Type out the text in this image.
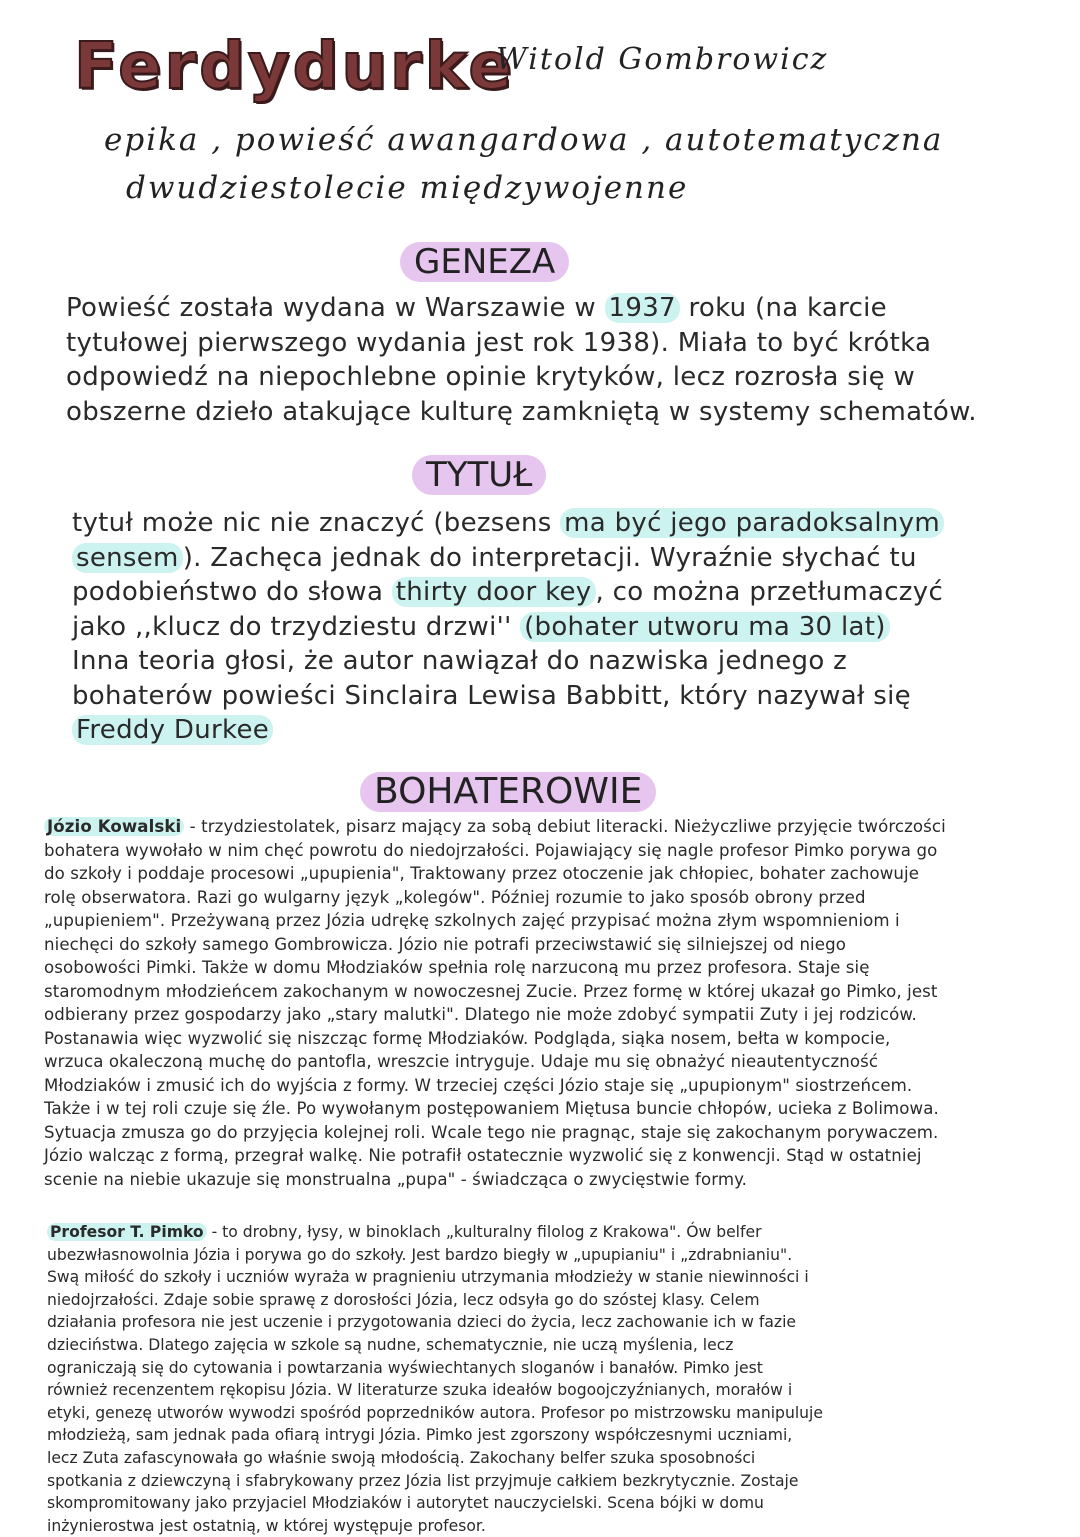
Ferdydurke
Witold Gombrowicz
epika , powieść awangardowa , autotematyczna
dwudziestolecie międzywojenne
GENEZA
Powieść została wydana w Warszawie w 1937 roku (na karcie
tytułowej pierwszego wydania jest rok 1938). Miała to być krótka
odpowiedź na niepochlebne opinie krytyków, lecz rozrosła się w
obszerne dzieło atakujące kulturę zamkniętą w systemy schematów.
TYTUŁ
tytuł może nic nie znaczyć (bezsens ma być jego paradoksalnym
sensem ). Zachęca jednak do interpretacji. Wyraźnie słychać tu
podobieństwo do słowa thirty door key , co można przetłumaczyć
jako ,,klucz do trzydziestu drzwi'' (bohater utworu ma 30 lat)
Inna teoria głosi, że autor nawiązał do nazwiska jednego z
bohaterów powieści Sinclaira Lewisa Babbitt, który nazywał się
Freddy Durkee
BOHATEROWIE
Józio Kowalski - trzydziestolatek, pisarz mający za sobą debiut literacki. Nieżyczliwe przyjęcie twórczości
bohatera wywołało w nim chęć powrotu do niedojrzałości. Pojawiający się nagle profesor Pimko porywa go
do szkoły i poddaje procesowi „upupienia", Traktowany przez otoczenie jak chłopiec, bohater zachowuje
rolę obserwatora. Razi go wulgarny język „kolegów". Później rozumie to jako sposób obrony przed
„upupieniem". Przeżywaną przez Józia udrękę szkolnych zajęć przypisać można złym wspomnieniom i
niechęci do szkoły samego Gombrowicza. Józio nie potrafi przeciwstawić się silniejszej od niego
osobowości Pimki. Także w domu Młodziaków spełnia rolę narzuconą mu przez profesora. Staje się
staromodnym młodzieńcem zakochanym w nowoczesnej Zucie. Przez formę w której ukazał go Pimko, jest
odbierany przez gospodarzy jako „stary malutki". Dlatego nie może zdobyć sympatii Zuty i jej rodziców.
Postanawia więc wyzwolić się niszcząc formę Młodziaków. Podgląda, siąka nosem, bełta w kompocie,
wrzuca okaleczoną muchę do pantofla, wreszcie intryguje. Udaje mu się obnażyć nieautentyczność
Młodziaków i zmusić ich do wyjścia z formy. W trzeciej części Józio staje się „upupionym" siostrzeńcem.
Także i w tej roli czuje się źle. Po wywołanym postępowaniem Miętusa buncie chłopów, ucieka z Bolimowa.
Sytuacja zmusza go do przyjęcia kolejnej roli. Wcale tego nie pragnąc, staje się zakochanym porywaczem.
Józio walcząc z formą, przegrał walkę. Nie potrafił ostatecznie wyzwolić się z konwencji. Stąd w ostatniej
scenie na niebie ukazuje się monstrualna „pupa" - świadcząca o zwycięstwie formy.
Profesor T. Pimko - to drobny, łysy, w binoklach „kulturalny filolog z Krakowa". Ów belfer
ubezwłasnowolnia Józia i porywa go do szkoły. Jest bardzo biegły w „upupianiu" i „zdrabnianiu".
Swą miłość do szkoły i uczniów wyraża w pragnieniu utrzymania młodzieży w stanie niewinności i
niedojrzałości. Zdaje sobie sprawę z dorosłości Józia, lecz odsyła go do szóstej klasy. Celem
działania profesora nie jest uczenie i przygotowania dzieci do życia, lecz zachowanie ich w fazie
dzieciństwa. Dlatego zajęcia w szkole są nudne, schematycznie, nie uczą myślenia, lecz
ograniczają się do cytowania i powtarzania wyświechtanych sloganów i banałów. Pimko jest
również recenzentem rękopisu Józia. W literaturze szuka ideałów bogoojczyźnianych, morałów i
etyki, genezę utworów wywodzi spośród poprzedników autora. Profesor po mistrzowsku manipuluje
młodzieżą, sam jednak pada ofiarą intrygi Józia. Pimko jest zgorszony współczesnymi uczniami,
lecz Zuta zafascynowała go właśnie swoją młodością. Zakochany belfer szuka sposobności
spotkania z dziewczyną i sfabrykowany przez Józia list przyjmuje całkiem bezkrytycznie. Zostaje
skompromitowany jako przyjaciel Młodziaków i autorytet nauczycielski. Scena bójki w domu
inżynierostwa jest ostatnią, w której występuje profesor.
